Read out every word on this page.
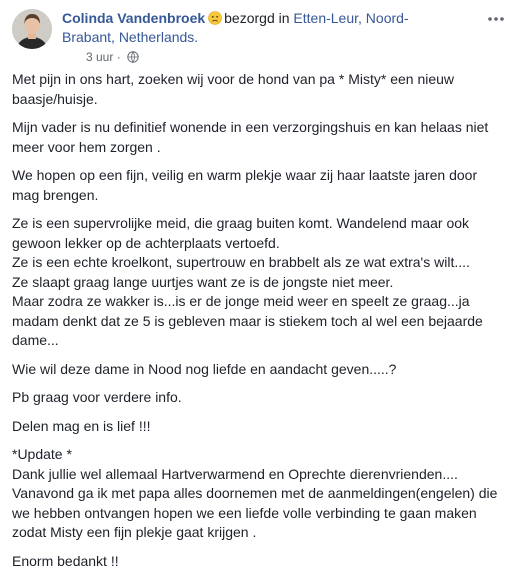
Colinda Vandenbroek bezorgd in Etten-Leur, Noord-Brabant, Netherlands.
3 uur ·

Met pijn in ons hart, zoeken wij voor de hond van pa * Misty* een nieuw baasje/huisje.

Mijn vader is nu definitief wonende in een verzorgingshuis en kan helaas niet meer voor hem zorgen .

We hopen op een fijn, veilig en warm plekje waar zij haar laatste jaren door mag brengen.

Ze is een supervrolijke meid, die graag buiten komt. Wandelend maar ook gewoon lekker op de achterplaats vertoefd.
Ze is een echte kroelkont, supertrouw en brabbelt als ze wat extra's wilt....
Ze slaapt graag lange uurtjes want ze is de jongste niet meer.
Maar zodra ze wakker is...is er de jonge meid weer en speelt ze graag...ja madam denkt dat ze 5 is gebleven maar is stiekem toch al wel een bejaarde dame...

Wie wil deze dame in Nood nog liefde en aandacht geven.....?

Pb graag voor verdere info.

Delen mag en is lief !!!

*Update *
Dank jullie wel allemaal Hartverwarmend en Oprechte dierenvrienden....
Vanavond ga ik met papa alles doornemen met de aanmeldingen(engelen) die we hebben ontvangen hopen we een liefde volle verbinding te gaan maken zodat Misty een fijn plekje gaat krijgen .

Enorm bedankt !!
